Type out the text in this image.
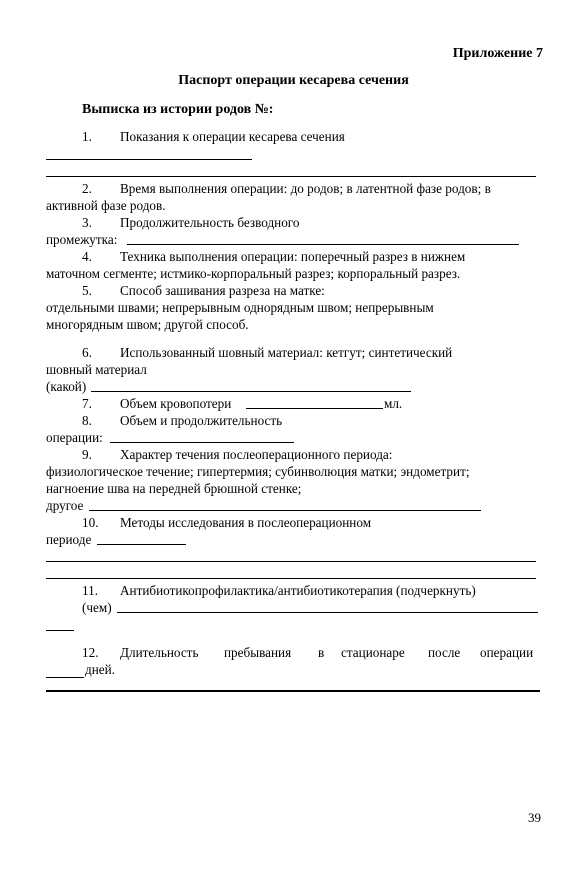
Приложение 7
Паспорт операции кесарева сечения
Выписка из истории родов №:
1. Показания к операции кесарева сечения
2. Время выполнения операции: до родов; в латентной фазе родов; в
активной фазе родов.
3. Продолжительность безводного
промежутка:
4. Техника выполнения операции: поперечный разрез в нижнем
маточном сегменте; истмико-корпоральный разрез; корпоральный разрез.
5. Способ зашивания разреза на матке:
отдельными швами; непрерывным однорядным швом; непрерывным
многорядным швом; другой способ.
6. Использованный шовный материал: кетгут; синтетический
шовный материал
(какой)
7. Объем кровопотери	мл.
8. Объем и продолжительность
операции:
9. Характер течения послеоперационного периода:
физиологическое течение; гипертермия; субинволюция матки; эндометрит;
нагноение шва на передней брюшной стенке;
другое
10. Методы исследования в послеоперационном
периоде
11. Антибиотикопрофилактика/антибиотикотерапия (подчеркнуть)
(чем)
12. Длительность пребывания в стационаре после операции
дней.
39
